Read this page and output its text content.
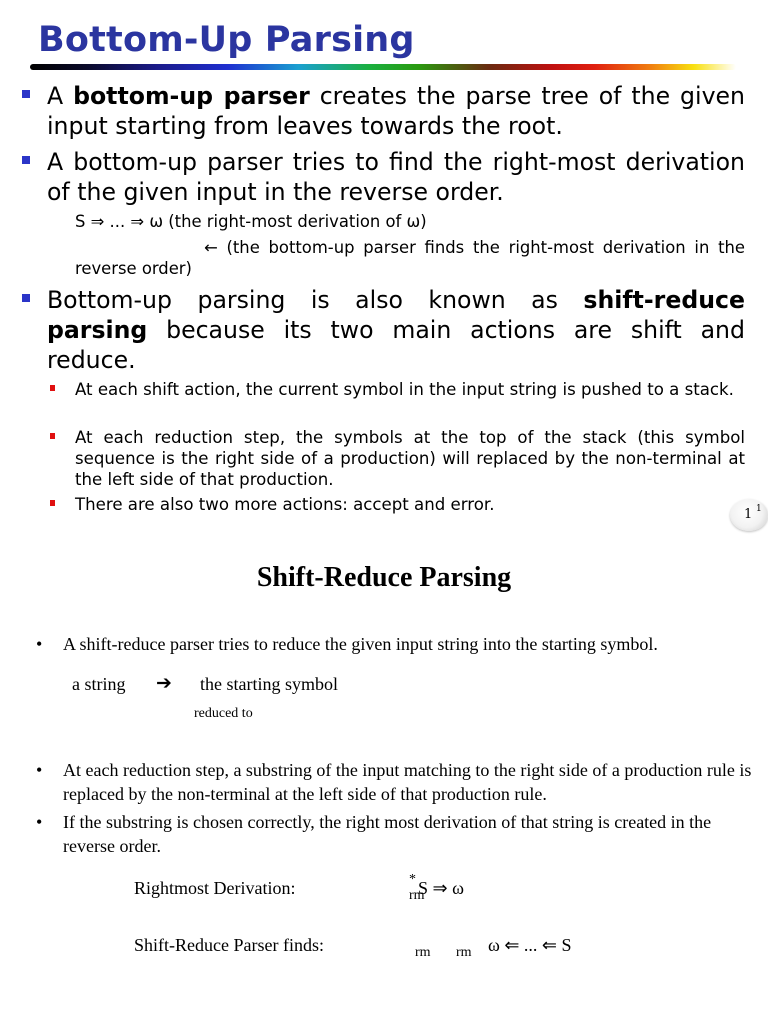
Bottom-Up Parsing
A bottom-up parser creates the parse tree of the given input starting from leaves towards the root.
A bottom-up parser tries to find the right-most derivation of the given input in the reverse order.
S ⇒ ... ⇒ ω (the right-most derivation of ω)
← (the bottom-up parser finds the right-most derivation in the reverse order)
Bottom-up parsing is also known as shift-reduce parsing because its two main actions are shift and reduce.
At each shift action, the current symbol in the input string is pushed to a stack.
At each reduction step, the symbols at the top of the stack (this symbol sequence is the right side of a production) will replaced by the non-terminal at the left side of that production.
There are also two more actions: accept and error.
1 1
Shift-Reduce Parsing
• A shift-reduce parser tries to reduce the given input string into the starting symbol.
a string ➔ the starting symbol
reduced to
• At each reduction step, a substring of the input matching to the right side of a production rule is replaced by the non-terminal at the left side of that production rule.
• If the substring is chosen correctly, the right most derivation of that string is created in the reverse order.
Rightmost Derivation:	*
rm
S ⇒ ω
Shift-Reduce Parser finds:	rm rm ω ⇐ ... ⇐ S
